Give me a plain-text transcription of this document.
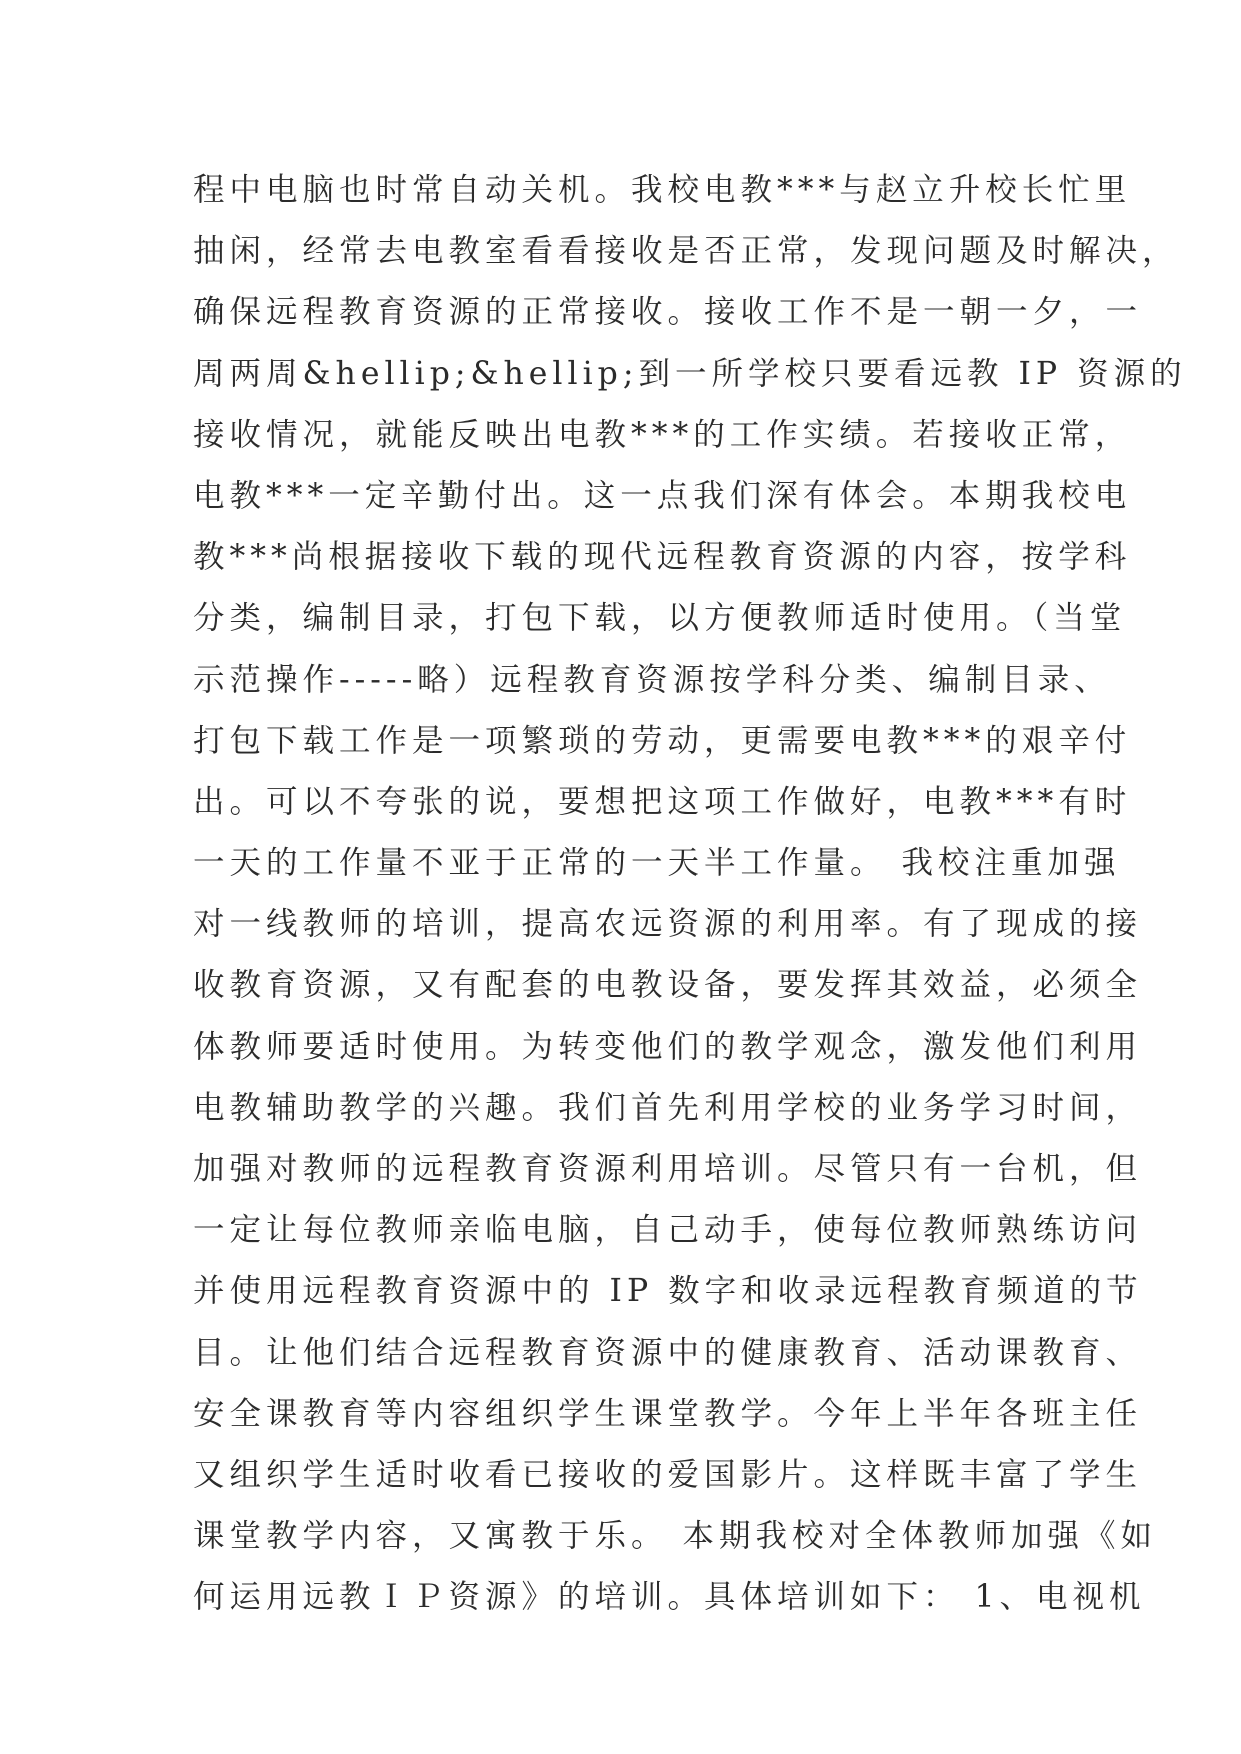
程中电脑也时常自动关机。我校电教***与赵立升校长忙里
抽闲，经常去电教室看看接收是否正常，发现问题及时解决，
确保远程教育资源的正常接收。接收工作不是一朝一夕，一
周两周&hellip;&hellip;到一所学校只要看远教 IP 资源的
接收情况，就能反映出电教***的工作实绩。若接收正常，
电教***一定辛勤付出。这一点我们深有体会。本期我校电
教***尚根据接收下载的现代远程教育资源的内容，按学科
分类，编制目录，打包下载，以方便教师适时使用。（当堂
示范操作-----略）远程教育资源按学科分类、编制目录、
打包下载工作是一项繁琐的劳动，更需要电教***的艰辛付
出。可以不夸张的说，要想把这项工作做好，电教***有时
一天的工作量不亚于正常的一天半工作量。 我校注重加强
对一线教师的培训，提高农远资源的利用率。有了现成的接
收教育资源，又有配套的电教设备，要发挥其效益，必须全
体教师要适时使用。为转变他们的教学观念，激发他们利用
电教辅助教学的兴趣。我们首先利用学校的业务学习时间，
加强对教师的远程教育资源利用培训。尽管只有一台机，但
一定让每位教师亲临电脑，自己动手，使每位教师熟练访问
并使用远程教育资源中的 IP 数字和收录远程教育频道的节
目。让他们结合远程教育资源中的健康教育、活动课教育、
安全课教育等内容组织学生课堂教学。今年上半年各班主任
又组织学生适时收看已接收的爱国影片。这样既丰富了学生
课堂教学内容，又寓教于乐。 本期我校对全体教师加强《如
何运用远教ＩＰ资源》的培训。具体培训如下： 1、电视机
